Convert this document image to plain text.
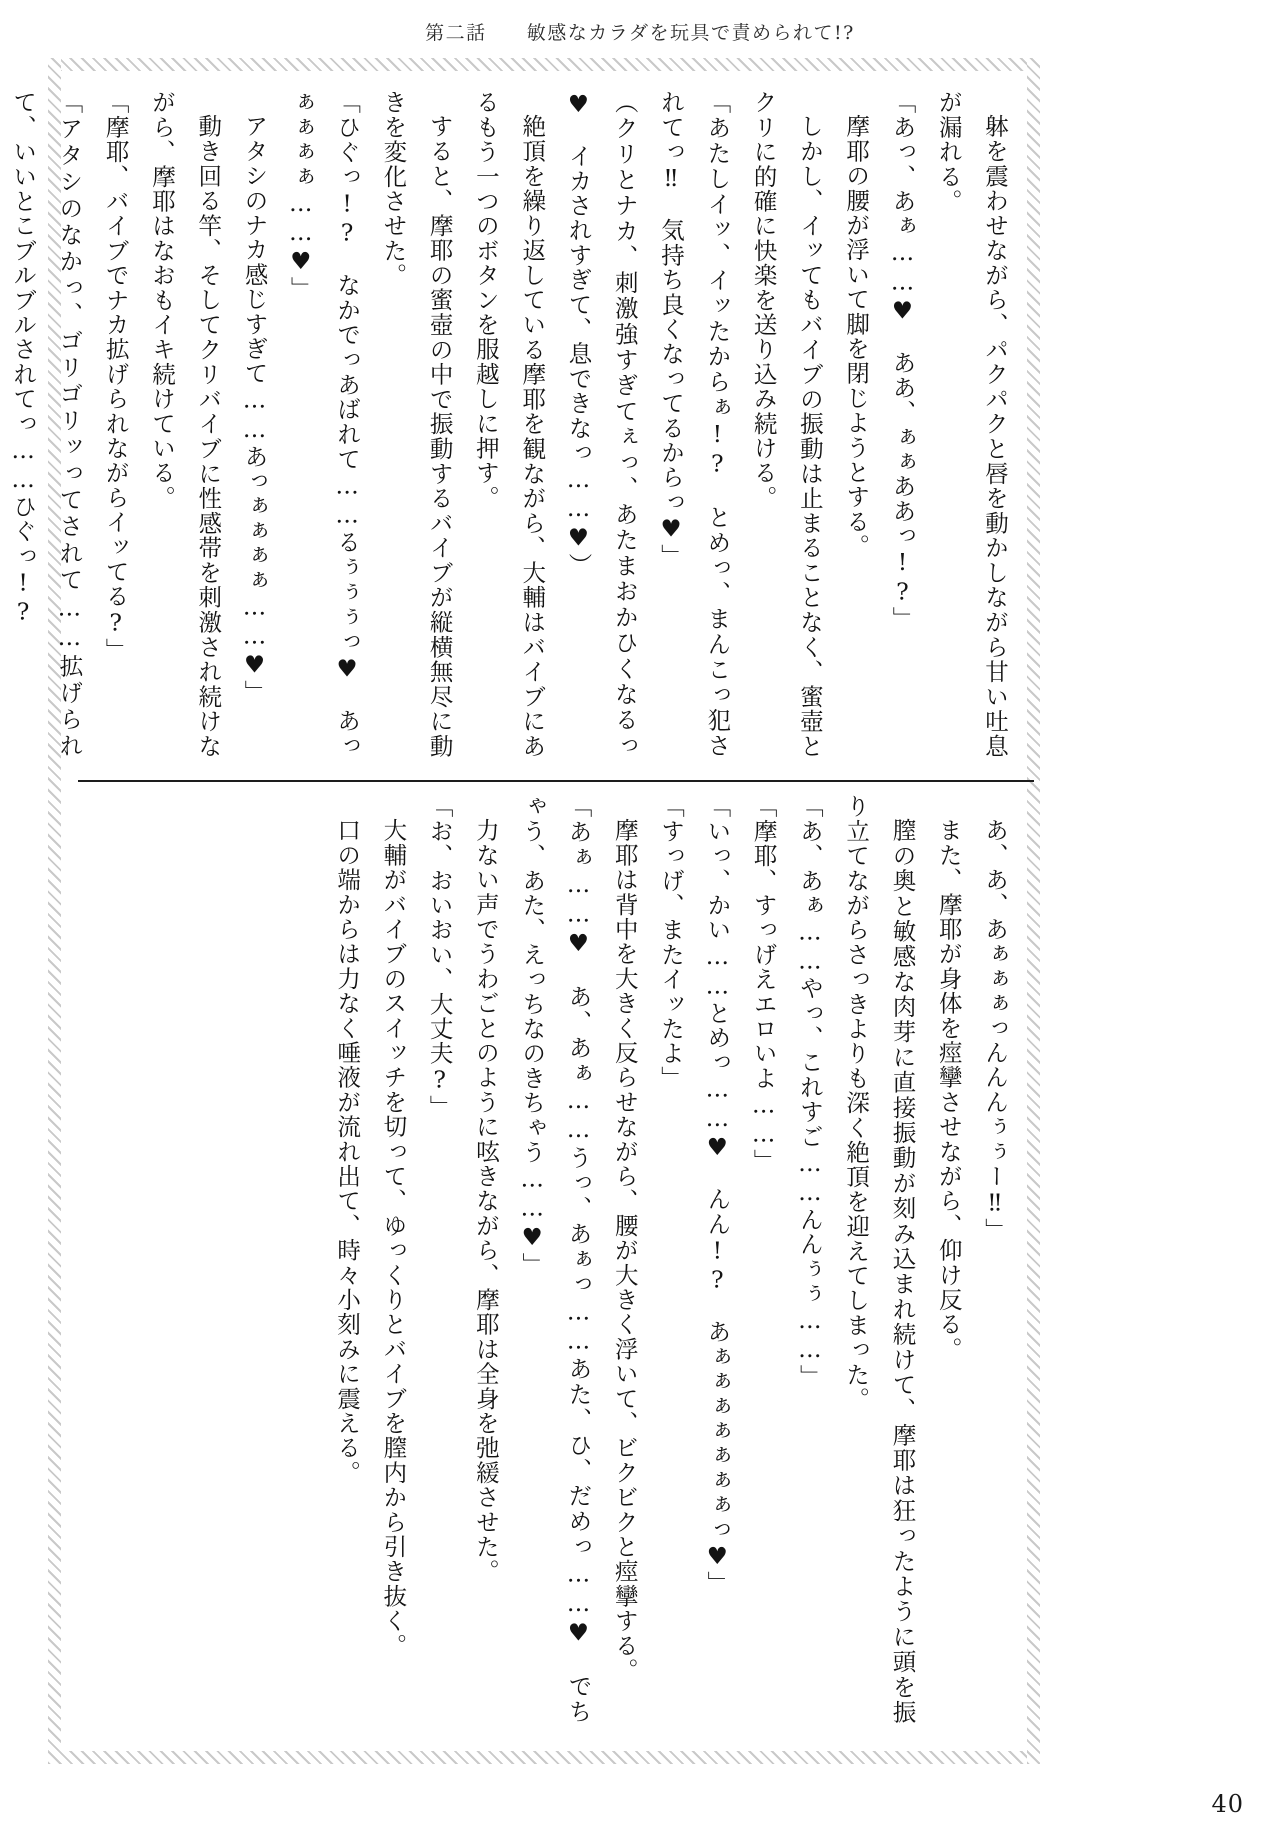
第二話 敏感なカラダを玩具で責められて!?

躰を震わせながら、パクパクと唇を動かしながら甘い吐息が漏れる。

「あっ、あぁ……♥　ああ、ぁぁああっ!?」

摩耶の腰が浮いて脚を閉じようとする。

しかし、イッてもバイブの振動は止まることなく、蜜壺とクリに的確に快楽を送り込み続ける。

「あたしイッ、イッたからぁ!?　とめっ、まんこっ犯されてっ‼　気持ち良くなってるからっ♥」

（クリとナカ、刺激強すぎてぇっ、あたまおかひくなるっ♥　イカされすぎて、息できなっ……♥）

絶頂を繰り返している摩耶を観ながら、大輔はバイブにあるもう一つのボタンを服越しに押す。

すると、摩耶の蜜壺の中で振動するバイブが縦横無尽に動きを変化させた。

「ひぐっ!?　なかでっあばれて……るぅぅぅっ♥　あっぁぁぁぁ……♥」

アタシのナカ感じすぎて……あっぁぁぁぁ……♥」

動き回る竿、そしてクリバイブに性感帯を刺激され続けながら、摩耶はなおもイキ続けている。

「摩耶、バイブでナカ拡げられながらイッてる?」

「アタシのなかっ、ゴリゴリッってされて……拡げられて、いいとこブルブルされてっ……ひぐっ!?

あ、あ、あぁぁぁっんんんぅぅー‼」

また、摩耶が身体を痙攣させながら、仰け反る。

膣の奥と敏感な肉芽に直接振動が刻み込まれ続けて、摩耶は狂ったように頭を振り立てながらさっきよりも深く絶頂を迎えてしまった。

「あ、あぁ……やっ、これすご……んんぅぅ……」

「摩耶、すっげえエロいよ……」

「いっ、かい……とめっ……♥　んん!?　あぁぁぁぁぁぁぁっ♥」

「すっげ、またイッたよ」

摩耶は背中を大きく反らせながら、腰が大きく浮いて、ビクビクと痙攣する。

「あぁ……♥　あ、あぁ……うっ、あぁっ……あた、ひ、だめっ……♥　でちゃう、あた、えっちなのきちゃう……♥」

力ない声でうわごとのように呟きながら、摩耶は全身を弛緩させた。

「お、おいおい、大丈夫?」

大輔がバイブのスイッチを切って、ゆっくりとバイブを膣内から引き抜く。

口の端からは力なく唾液が流れ出て、時々小刻みに震える。

40
